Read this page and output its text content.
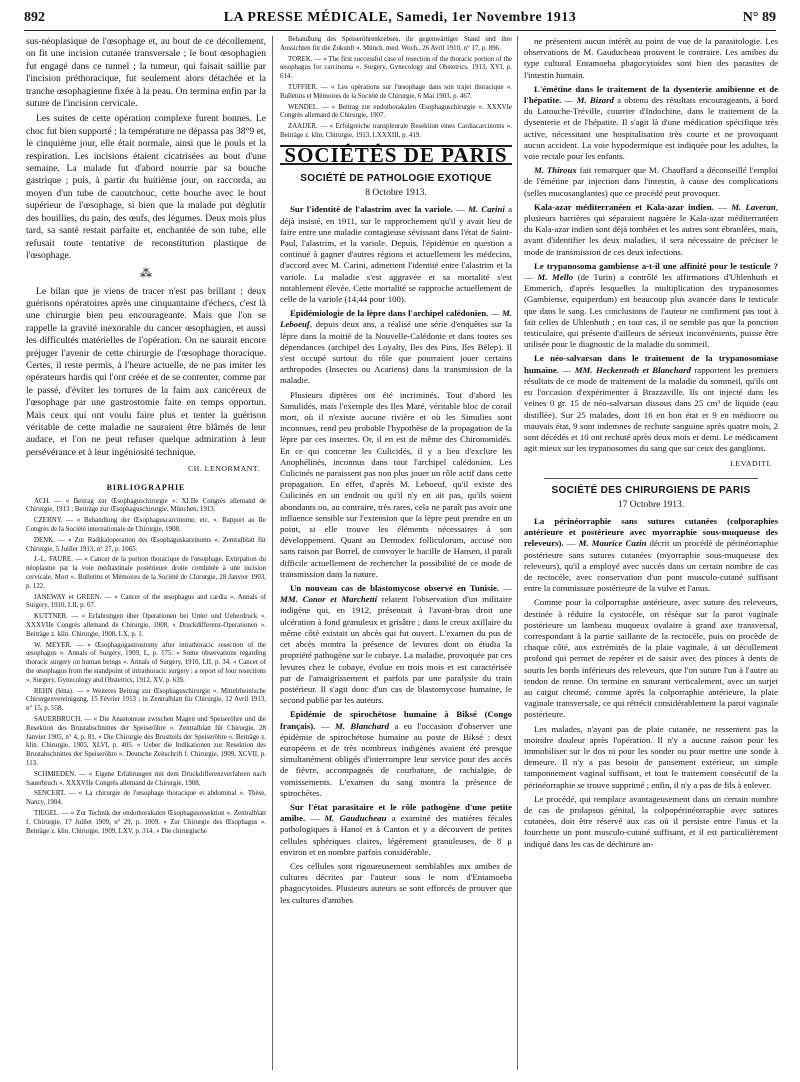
892	LA PRESSE MÉDICALE, Samedi, 1er Novembre 1913	N° 89

sus-néoplasique de l'œsophage et, au bout de ce décollement, on fit une incision cutanée transversale ; le bout œsophagien fut engagé dans ce tunnel ; la tumeur, qui faisait saillie par l'incision préthoracique, fut seulement alors détachée et la tranche œsophagienne fixée à la peau. On termina enfin par la suture de l'incision cervicale.

Les suites de cette opération complexe furent bonnes. Le choc fut bien supporté ; la température ne dépassa pas 38°9 et, le cinquième jour, elle était normale, ainsi que le pouls et la respiration. Les incisions étaient cicatrisées au bout d'une semaine. La malade fut d'abord nourrie par sa bouche gastrique ; puis, à partir du huitième jour, on raccorda, au moyen d'un tube de caoutchouc, cette bouche avec le bout supérieur de l'œsophage, si bien que la malade put déglutir des bouillies, du pain, des œufs, des légumes. Deux mois plus tard, sa santé restait parfaite et, enchantée de son tube, elle refusait toute tentative de reconstitution plastique de l'œsophage.

⁂

Le bilan que je viens de tracer n'est pas brillant : deux guérisons opératoires après une cinquantaine d'échecs, c'est là une chirurgie bien peu encourageante. Mais que l'on se rappelle la gravité inexorable du cancer œsophagien, et aussi les difficultés matérielles de l'opération. On ne saurait encore préjuger l'avenir de cette chirurgie de l'œsophage thoracique. Certes, il reste permis, à l'heure actuelle, de ne pas imiter les opérateurs hardis qui l'ont créée et de se contenter, comme par le passé, d'éviter les tortures de la faim aux cancéreux de l'œsophage par une gastrostomie faite en temps opportun. Mais ceux qui ont voulu faire plus et tenter la guérison véritable de cette maladie ne sauraient être blâmés de leur audace, et l'on ne peut refuser quelque admiration à leur persévérance et à leur ingéniosité technique.

CH. LENORMANT.

BIBLIOGRAPHIE

ACH. — « Beitrag zur Œsophaguschirurgie ». XLIIe Congrès allemand de Chirurgie, 1913 ; Beiträge zur Œsophaguschirurgie, München, 1913.

CZERNY. — « Behandlung der Œsophaguscarcinome, etc. ». Rapport au IIe Congrès de la Société internationale de Chirurgie, 1908.

DENK. — « Zur Radikaloperation des Œsophaguskarzinoms ». Zentralblatt für Chirurgie, 5 Juillet 1913, n° 27, p. 1065.

J.-L. FAURE. — « Cancer de la portion thoracique de l'œsophage. Extirpation du néoplasme par la voie médiastinale postérieure droite combinée à une incision cervicale. Mort ». Bulletins et Mémoires de la Société de Chirurgie, 28 Janvier 1903, p. 122.

JANEWAY et GREEN. — « Cancer of the œsophagus and cardia ». Annals of Surgery, 1910, LII, p. 67.

KUTTNER. — « Erfahrungen über Operationen bei Unter und Ueberdruck ». XXXVIIe Congrès allemand de Chirurgie, 1908, « Druckdifferenz-Operationen ». Beiträge z. klin. Chirurgie, 1908, LX, p. 1.

W. MEYER. — « Œsophagogastrostomy after intrathoracic resection of the œsophagus ». Annals of Surgery, 1909, L, p. 175. « Some observations regarding thoracic surgery on human beings ». Annals of Surgery, 1910, LII, p. 34. « Cancer of the œsophagus from the standpoint of intrathoracic surgery ; a report of four resections ». Surgery, Gynecology and Obstetrics, 1912, XV, p. 639.

REHN (Iéna). — « Weiteres Beitrag zur Œsophaguschirurgie ». Mittelrheinische Chirurgenvereinigung, 15 Février 1913 ; in Zentralblatt für Chirurgie, 12 Avril 1913, n° 15, p. 558.

SAUERBRUCH. — « Die Anastomose zwischen Magen und Speiseröhre und die Resektion des Brustabschnittes der Speiseröhre ». Zentralblatt für Chirurgie, 28 Janvier 1905, n° 4, p. 81. « Die Chirurgie des Brustteils der Speiseröhre ». Beiträge z. klin. Chirurgie, 1905, XLVI, p. 405. « Ueber die Indikationen zur Resektion des Brustabschnittes der Speiseröhre ». Deutsche Zeitschrift f. Chirurgie, 1909, XCVII, p. 113.

SCHMIEDEN. — « Eigene Erfahrungen mit dem Druckdifferenzverfahren nach Sauerbruch ». XXXVIIe Congrès allemand de Chirurgie, 1908.

SENCERT. — « La chirurgie de l'œsophage thoracique et abdominal ». Thèse, Nancy, 1904.

TIEGEL. — « Zur Technik der endothorakalen Œsophagusresektion ». Zentralblatt f. Chirurgie, 17 Juillet 1909, n° 29, p. 1009. « Zur Chirurgie des Œsophagus ». Beiträge z. klin. Chirurgie, 1909, LXV, p. 314. « Die chirurgische

Behandlung des Speiseröhrenkrebses, ihr gegenwärtiger Stand und ihre Aussichten für die Zukunft ». Münch. med. Woch., 26 Avril 1910, n° 17, p. 896.

TOREK. — « The first successful case of resection of the thoracic portion of the œsophagus for carcinoma ». Surgery, Gynecology and Obstetrics, 1913, XVI, p. 614.

TUFFIER. — « Les opérations sur l'œsophage dans son trajet thoracique ». Bulletins et Mémoires de la Société de Chirurgie, 6 Mai 1903, p. 467.

WENDEL. — « Beitrag zur endothorakalen Œsophaguschirurgie ». XXXVIe Congrès allemand de Chirurgie, 1907.

ZAAIJER. — « Erfolgreiche transpleurale Resektion eines Cardiacarcinoms ». Beiträge z. klin. Chirurgie, 1913, LXXXIII, p. 419.

SOCIÉTÉS DE PARIS

SOCIÉTÉ DE PATHOLOGIE EXOTIQUE

8 Octobre 1913.

Sur l'identité de l'alastrim avec la variole. — M. Carini a déjà insisté, en 1911, sur le rapprochement qu'il y avait lieu de faire entre une maladie contagieuse sévissant dans l'état de Saint-Paul, l'alastrim, et la variole. Depuis, l'épidémie en question a continué à gagner d'autres régions et actuellement les médecins, d'accord avec M. Carini, admettent l'identité entre l'alastrim et la variole. La maladie s'est aggravée et sa mortalité s'est notablement élevée. Cette mortalité se rapproche actuellement de celle de la variole (14,44 pour 100).

Epidémiologie de la lèpre dans l'archipel calédonien. — M. Leboeuf, depuis deux ans, a réalisé une série d'enquêtes sur la lèpre dans la moitié de la Nouvelle-Calédonie et dans toutes ses dépendances (archipel des Loyalty, Iles des Pins, Iles Bélep). Il s'est occupé surtout du rôle que pourraient jouer certains arthropodes (Insectes ou Acariens) dans la transmission de la maladie.

Plusieurs diptères ont été incriminés. Tout d'abord les Simulidés, mais l'exemple des Iles Maré, véritable bloc de corail mort, où il n'existe aucune rivière et où les Simulies sont inconnues, rend peu probable l'hypothèse de la propagation de la lèpre par ces insectes. Or, il en est de même des Chironomidés. En ce qui concerne les Culicidés, il y a lieu d'exclure les Anophélinés, inconnus dans tout l'archipel calédonien. Les Culicinés ne paraissent pas non plus jouer un rôle actif dans cette propagation. En effet, d'après M. Leboeuf, qu'il existe des Culicinés en un endroit ou qu'il n'y en ait pas, qu'ils soient abondants ou, au contraire, très rares, cela ne paraît pas avoir une influence sensible sur l'extension que la lèpre peut prendre en un point, si elle trouve les éléments nécessaires à son développement. Quant au Demodex folliculorum, accusé non sans raison par Borrel, de convoyer le bacille de Hansen, il paraît difficile actuellement de rechercher la possibilité de ce mode de transmission dans la nature.

Un nouveau cas de blastomycose observé en Tunisie. — MM. Conor et Marchetti relatent l'observation d'un militaire indigène qui, en 1912, présentait à l'avant-bras droit une ulcération à fond granuleux et grisâtre ; dans le creux axillaire du même côté existait un abcès qui fut ouvert. L'examen du pus de cet abcès montra la présence de levures dont on étudia la propriété pathogène sur le cobaye. La maladie, provoquée par ces levures chez le cobaye, évolue en trois mois et est caractérisée par de l'amaigrissement et parfois par une paralysie du train postérieur. Il s'agit donc d'un cas de blastomycose humaine, le second publié par les auteurs.

Epidémie de spirochétose humaine à Biksé (Congo français). — M. Blanchard a eu l'occasion d'observer une épidémie de spirochétose humaine au poste de Biksé : deux européens et de très nombreux indigènes avaient été presque simultanément obligés d'interrompre leur service pour des accès de fièvre, accompagnés de courbature, de rachialgie, de vomissements. L'examen du sang montra la présence de spirochètes.

Sur l'état parasitaire et le rôle pathogène d'une petite amibe. — M. Gauducheau a examiné des matières fécales pathologiques à Hanoï et à Canton et y a découvert de petites cellules sphériques claires, légèrement granuleuses, de 8 μ environ et en nombre parfois considérable.

Ces cellules sont rigoureusement semblables aux amibes de cultures décrites par l'auteur sous le nom d'Entamoeba phagocytoides. Plusieurs auteurs se sont efforcés de prouver que les cultures d'amibes

ne présentent aucun intérêt au point de vue de la parasitologie. Les observations de M. Gauducheau prouvent le contraire. Les amibes du type cultural Entamoeba phagocytoides sont bien des parasites de l'intestin humain.

L'émétine dans le traitement de la dysenterie amibienne et de l'hépatite. — M. Bizard a obtenu des résultats encourageants, à bord du Latouche-Tréville, courrier d'Indochine, dans le traitement de la dysenterie et de l'hépatite. Il s'agit là d'une médication spécifique très active, nécessitant une hospitalisation très courte et ne provoquant aucun accident. La voie hypodermique est indiquée pour les adultes, la voie rectale pour les enfants.

M. Thiroux fait remarquer que M. Chauffard a déconseillé l'emploi de l'émétine par injection dans l'intestin, à cause des complications (selles mucosanglantes) que ce procédé peut provoquer.

Kala-azar méditerranéen et Kala-azar indien. — M. Laveran, plusieurs barrières qui séparaient naguère le Kala-azar méditerranéen du Kala-azar indien sont déjà tombées et les autres sont ébranlées, mais, avant d'identifier les deux maladies, il sera nécessaire de préciser le mode de transmission de ces deux infections.

Le trypanosoma gambiense a-t-il une affinité pour le testicule ? — M. Mello (de Turin) a contrôlé les affirmations d'Uhlenhuth et Emmerich, d'après lesquelles la multiplication des trypanosomes (Gambiense, equiperdum) est beaucoup plus avancée dans le testicule que dans le sang. Les conclusions de l'auteur ne confirment pas tout à fait celles de Uhlenhuth ; en tout cas, il ne semble pas que la ponction testiculaire, qui présente d'ailleurs de sérieux inconvénients, puisse être utilisée pour le diagnostic de la maladie du sommeil.

Le néo-salvarsan dans le traitement de la trypanosomiase humaine. — MM. Heckenroth et Blanchard rapportent les premiers résultats de ce mode de traitement de la maladie du sommeil, qu'ils ont eu l'occasion d'expérimenter à Brazzaville. Ils ont injecté dans les veines 0 gr. 15 de néo-salvarsan dissous dans 25 cm³ de liquide (eau distillée). Sur 25 malades, dont 16 en bon état et 9 en médiocre ou mauvais état, 9 sont indemnes de rechute sanguine après quatre mois, 2 sont décédés et 10 ont rechuté après deux mois et demi. Le médicament agit mieux sur les trypanosomes du sang que sur ceux des ganglions.

LEVADITI.

SOCIÉTÉ DES CHIRURGIENS DE PARIS

17 Octobre 1913.

La périnéorraphie sans sutures cutanées (colporaphies antérieure et postérieure avec myorraphie sous-muqueuse des releveurs). — M. Maurice Cazin décrit un procédé de périnéorraphie postérieure sans sutures cutanées (myorraphie sous-muqueuse des releveurs), qu'il a employé avec succès dans un certain nombre de cas de rectocèle, avec conservation d'un pont musculo-cutané suffisant entre la commissure postérieure de la vulve et l'anus.

Comme pour la colporraphie antérieure, avec suture des releveurs, destinée à réduire la cystocèle, on résèque sur la paroi vaginale postérieure un lambeau muqueux ovalaire à grand axe transversal, correspondant à la partie saillante de la rectocèle, puis on procède de chaque côté, aux extrémités de la plaie vaginale, à un décollement profond qui permet de repérer et de saisir avec des pinces à dents de souris les bords inférieurs des releveurs, que l'on suture l'un à l'autre au tendon de renne. On termine en suturant verticalement, avec un surjet au catgut chromé, comme après la colporraphie antérieure, la plaie vaginale transversale, ce qui rétrécit considérablement la paroi vaginale postérieure.

Les malades, n'ayant pas de plaie cutanée, ne ressentent pas la moindre douleur après l'opération. Il n'y a aucune raison pour les immobiliser sur le dos ni pour les sonder ou pour mettre une sonde à demeure. Il n'y a pas besoin de pansement extérieur, un simple tamponnement vaginal suffisant, et tout le traitement consécutif de la périnéorraphie se trouve supprimé ; enfin, il n'y a pas de fils à enlever.

Le procédé, qui remplace avantageusement dans un certain nombre de cas de prolapsus génital, la colpopérinéorraphie avec sutures cutanées, doit être réservé aux cas où il persiste entre l'anus et la fourchette un pont musculo-cutané suffisant, et il est particulièrement indiqué dans les cas de déchirure an-
